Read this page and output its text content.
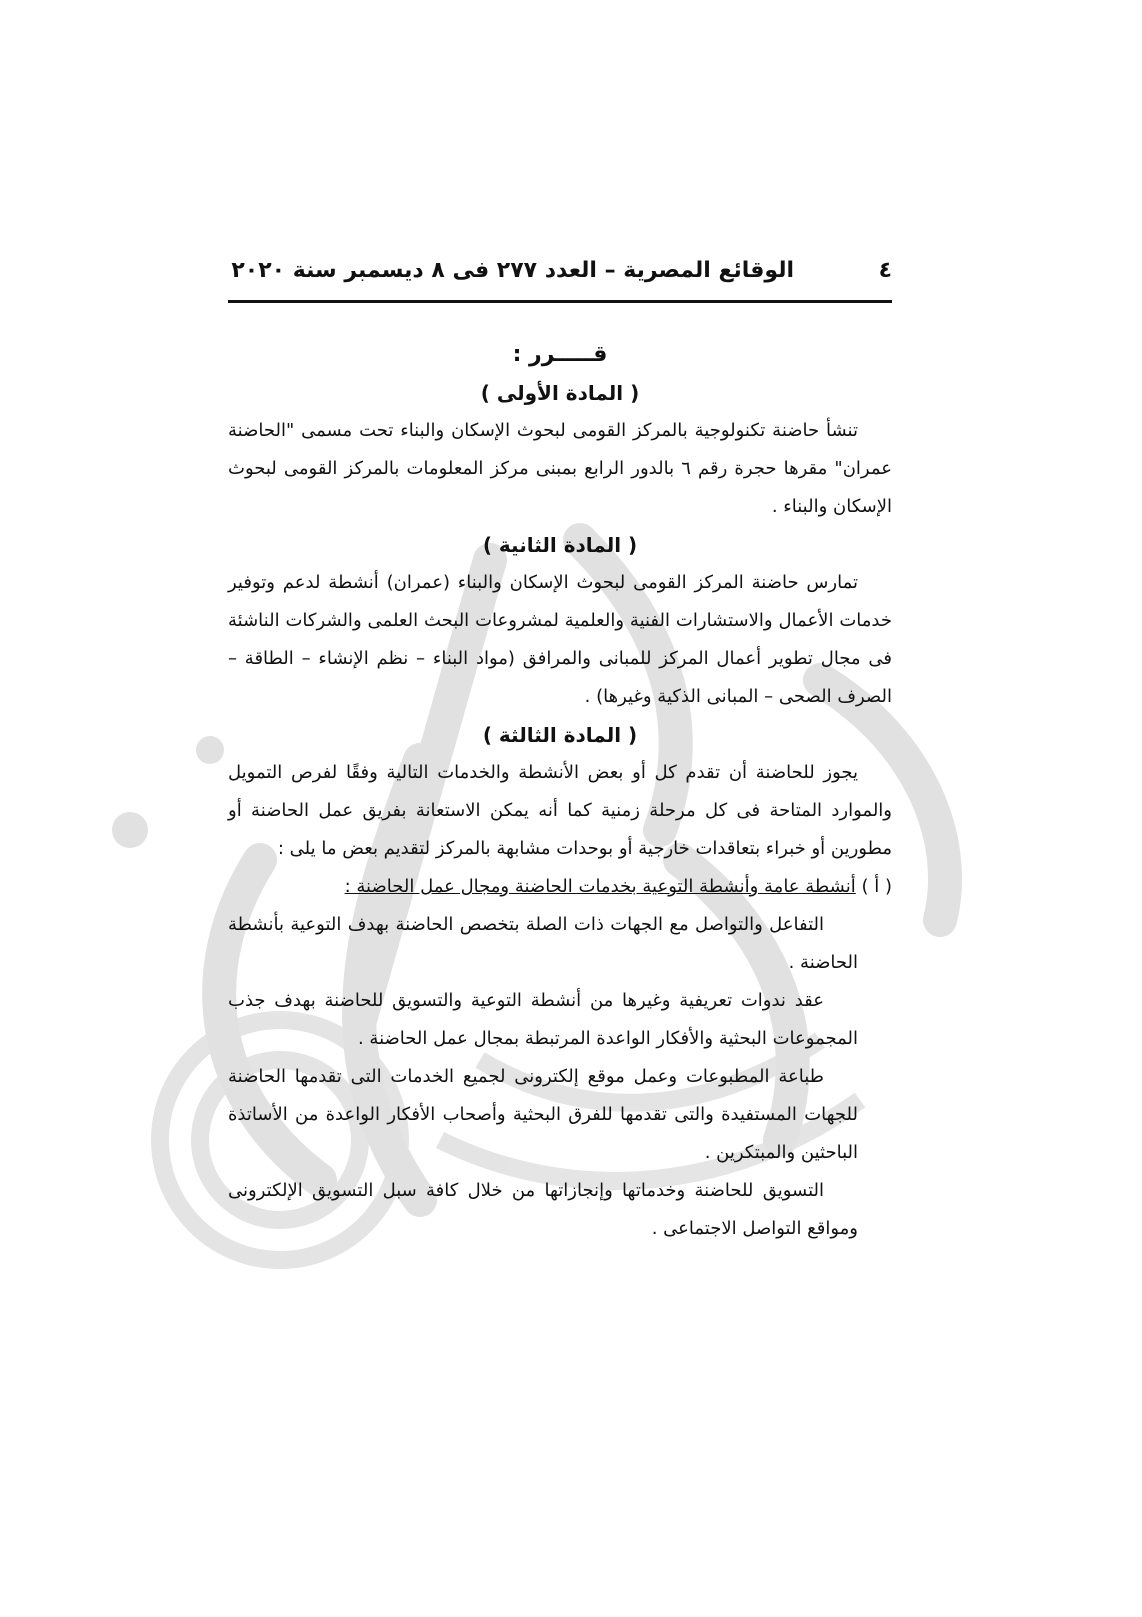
٤
الوقائع المصرية – العدد ٢٧٧ فى ٨ ديسمبر سنة ٢٠٢٠

قـــــرر :

( المادة الأولى )

تنشأ حاضنة تكنولوجية بالمركز القومى لبحوث الإسكان والبناء تحت مسمى "الحاضنة عمران" مقرها حجرة رقم ٦ بالدور الرابع بمبنى مركز المعلومات بالمركز القومى لبحوث الإسكان والبناء .

( المادة الثانية )

تمارس حاضنة المركز القومى لبحوث الإسكان والبناء (عمران) أنشطة لدعم وتوفير خدمات الأعمال والاستشارات الفنية والعلمية لمشروعات البحث العلمى والشركات الناشئة فى مجال تطوير أعمال المركز للمبانى والمرافق (مواد البناء – نظم الإنشاء – الطاقة – الصرف الصحى – المبانى الذكية وغيرها) .

( المادة الثالثة )

يجوز للحاضنة أن تقدم كل أو بعض الأنشطة والخدمات التالية وفقًا لفرص التمويل والموارد المتاحة فى كل مرحلة زمنية كما أنه يمكن الاستعانة بفريق عمل الحاضنة أو مطورين أو خبراء بتعاقدات خارجية أو بوحدات مشابهة بالمركز لتقديم بعض ما يلى :

( أ ) أنشطة عامة وأنشطة التوعية بخدمات الحاضنة ومجال عمل الحاضنة :

التفاعل والتواصل مع الجهات ذات الصلة بتخصص الحاضنة بهدف التوعية بأنشطة الحاضنة .

عقد ندوات تعريفية وغيرها من أنشطة التوعية والتسويق للحاضنة بهدف جذب المجموعات البحثية والأفكار الواعدة المرتبطة بمجال عمل الحاضنة .

طباعة المطبوعات وعمل موقع إلكترونى لجميع الخدمات التى تقدمها الحاضنة للجهات المستفيدة والتى تقدمها للفرق البحثية وأصحاب الأفكار الواعدة من الأساتذة الباحثين والمبتكرين .

التسويق للحاضنة وخدماتها وإنجازاتها من خلال كافة سبل التسويق الإلكترونى ومواقع التواصل الاجتماعى .
